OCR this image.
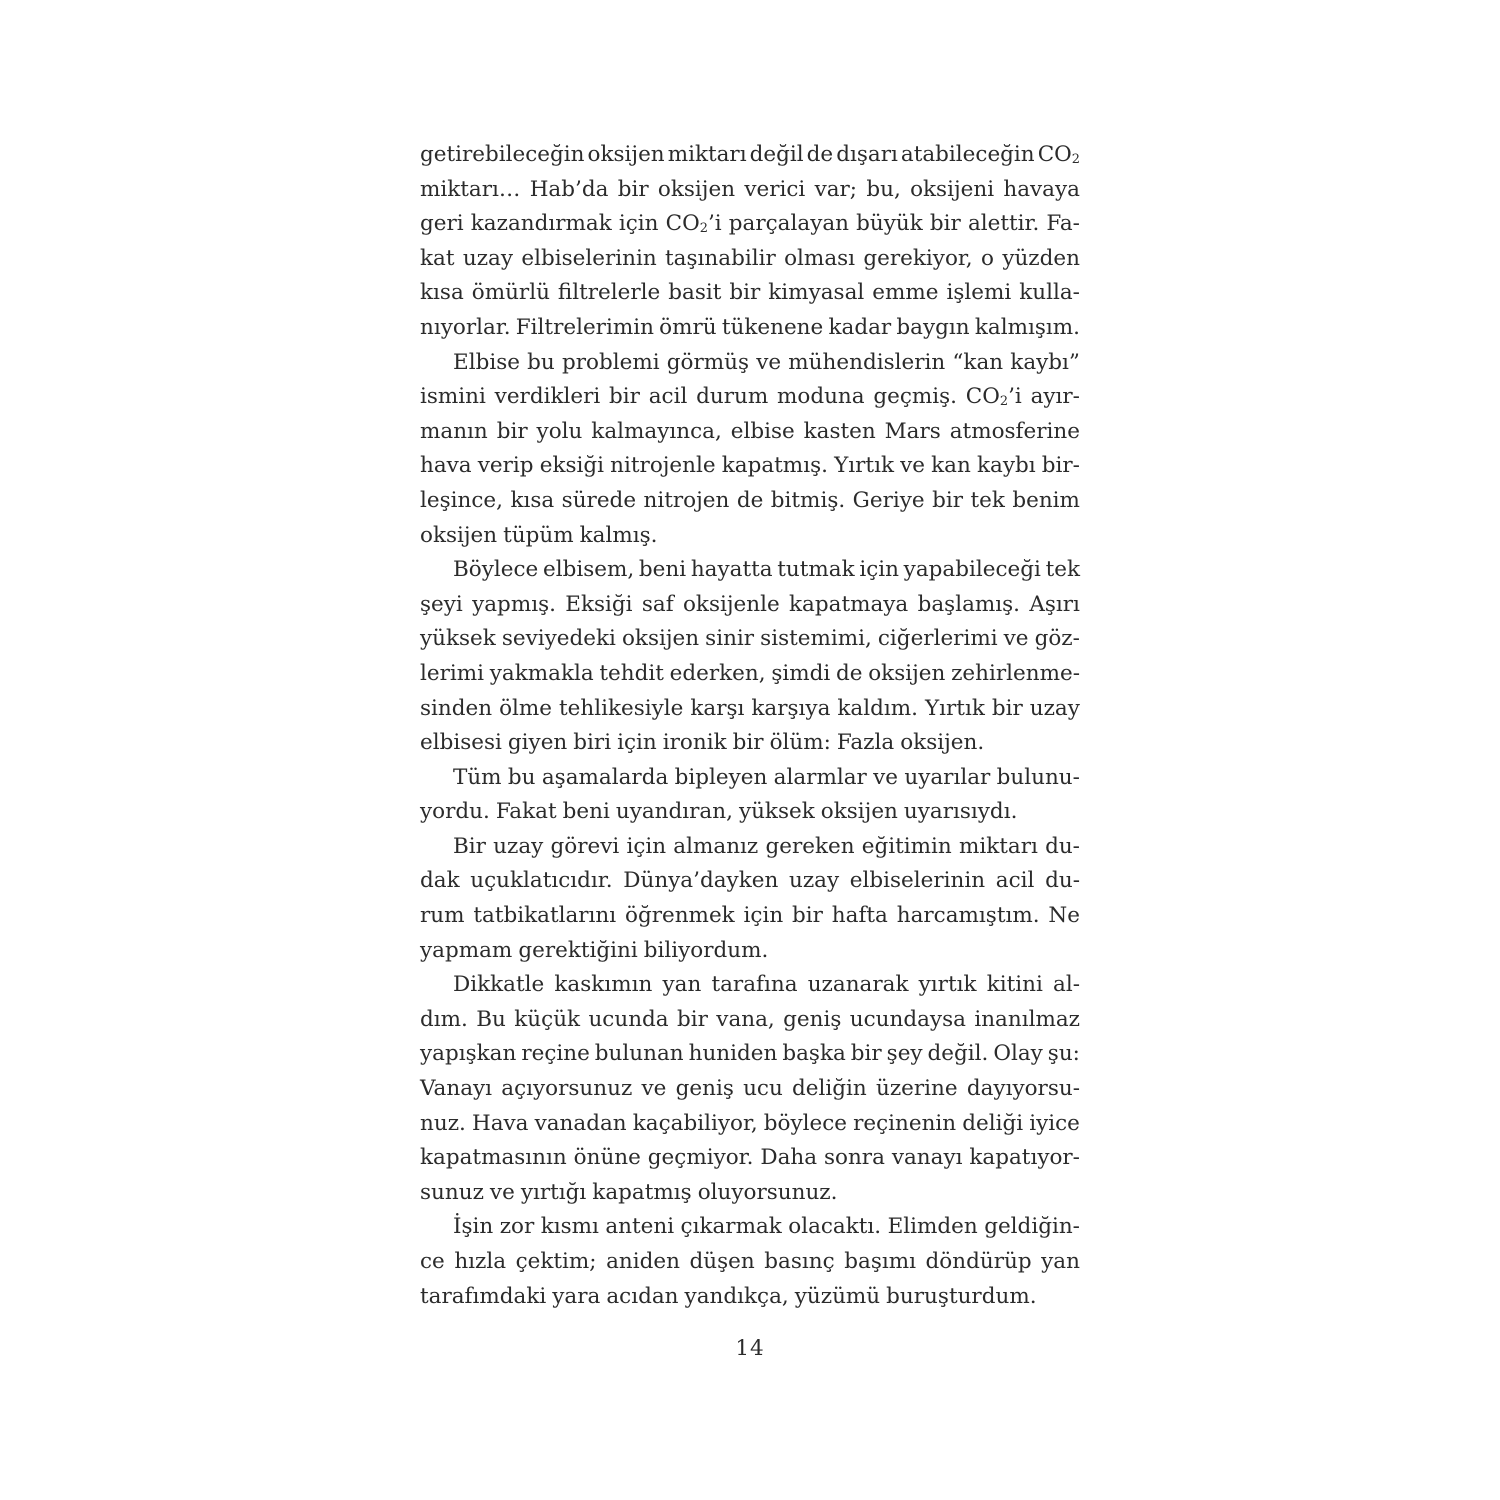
getirebileceğin oksijen miktarı değil de dışarı atabileceğin $CO_2$
miktarı… Hab’da bir oksijen verici var; bu, oksijeni havaya
geri kazandırmak için $CO_2’i$ parçalayan büyük bir alettir. Fa-
kat uzay elbiselerinin taşınabilir olması gerekiyor, o yüzden
kısa ömürlü filtrelerle basit bir kimyasal emme işlemi kulla-
nıyorlar. Filtrelerimin ömrü tükenene kadar baygın kalmışım.
Elbise bu problemi görmüş ve mühendislerin “kan kaybı”
ismini verdikleri bir acil durum moduna geçmiş. $CO_2’i$ ayır-
manın bir yolu kalmayınca, elbise kasten Mars atmosferine
hava verip eksiği nitrojenle kapatmış. Yırtık ve kan kaybı bir-
leşince, kısa sürede nitrojen de bitmiş. Geriye bir tek benim
oksijen tüpüm kalmış.
Böylece elbisem, beni hayatta tutmak için yapabileceği tek
şeyi yapmış. Eksiği saf oksijenle kapatmaya başlamış. Aşırı
yüksek seviyedeki oksijen sinir sistemimi, ciğerlerimi ve göz-
lerimi yakmakla tehdit ederken, şimdi de oksijen zehirlenme-
sinden ölme tehlikesiyle karşı karşıya kaldım. Yırtık bir uzay
elbisesi giyen biri için ironik bir ölüm: Fazla oksijen.
Tüm bu aşamalarda bipleyen alarmlar ve uyarılar bulunu-
yordu. Fakat beni uyandıran, yüksek oksijen uyarısıydı.
Bir uzay görevi için almanız gereken eğitimin miktarı du-
dak uçuklatıcıdır. Dünya’dayken uzay elbiselerinin acil du-
rum tatbikatlarını öğrenmek için bir hafta harcamıştım. Ne
yapmam gerektiğini biliyordum.
Dikkatle kaskımın yan tarafına uzanarak yırtık kitini al-
dım. Bu küçük ucunda bir vana, geniş ucundaysa inanılmaz
yapışkan reçine bulunan huniden başka bir şey değil. Olay şu:
Vanayı açıyorsunuz ve geniş ucu deliğin üzerine dayıyorsu-
nuz. Hava vanadan kaçabiliyor, böylece reçinenin deliği iyice
kapatmasının önüne geçmiyor. Daha sonra vanayı kapatıyor-
sunuz ve yırtığı kapatmış oluyorsunuz.
İşin zor kısmı anteni çıkarmak olacaktı. Elimden geldiğin-
ce hızla çektim; aniden düşen basınç başımı döndürüp yan
tarafımdaki yara acıdan yandıkça, yüzümü buruşturdum.
14
